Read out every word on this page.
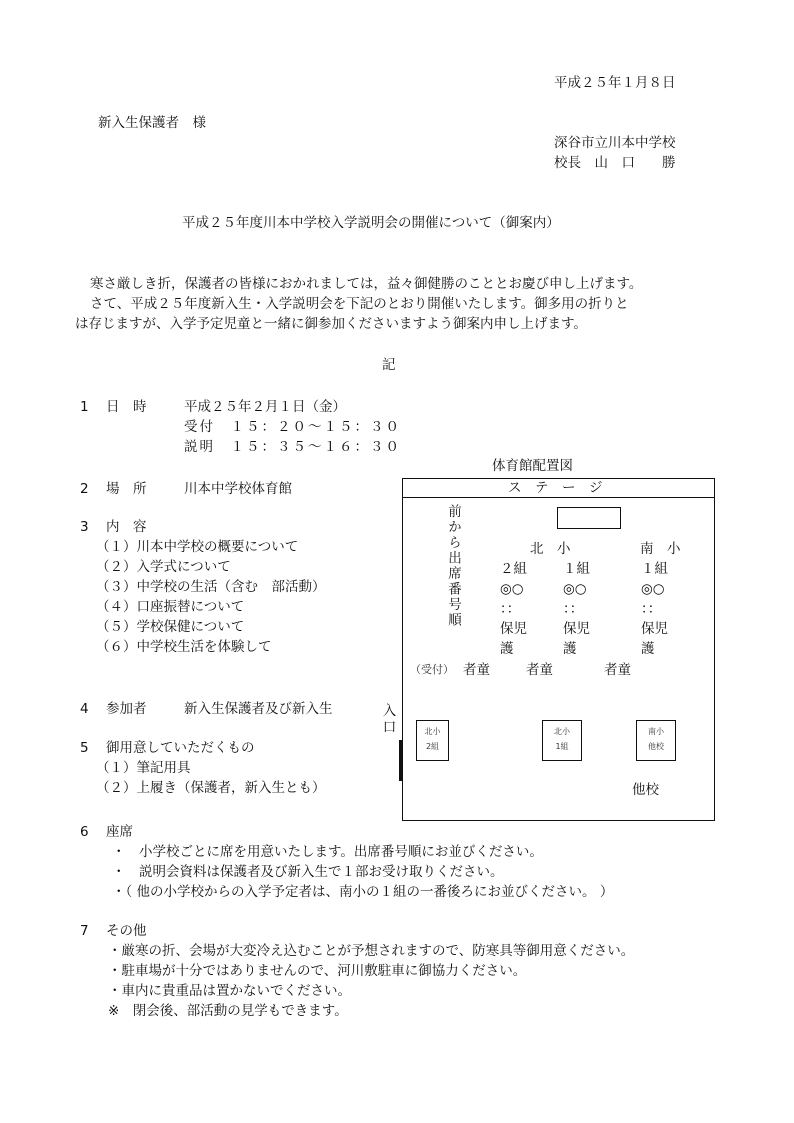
平成２５年１月８日
新入生保護者　様
深谷市立川本中学校
校長　山　口　　勝
平成２５年度川本中学校入学説明会の開催について（御案内）
寒さ厳しき折，保護者の皆様におかれましては，益々御健勝のこととお慶び申し上げます。
さて、平成２５年度新入生・入学説明会を下記のとおり開催いたします。御多用の折りと
は存じますが、入学予定児童と一緒に御参加くださいますよう御案内申し上げます。
記
1 日　時	平成２５年２月１日（金）
受付　１５：２０～１５：３０
説明　１５：３５～１６：３０
2 場　所	川本中学校体育館
3 内　容
（１）川本中学校の概要について
（２）入学式について
（３）中学校の生活（含む　部活動）
（４）口座振替について
（５）学校保健について
（６）中学校生活を体験して
4 参加者	新入生保護者及び新入生
5 御用意していただくもの
（１）筆記用具
（２）上履き（保護者，新入生とも）
6 座席
・　小学校ごとに席を用意いたします。出席番号順にお並びください。
・　説明会資料は保護者及び新入生で１部お受け取りください。
・（ 他の小学校からの入学予定者は、南小の１組の一番後ろにお並びください。 ）
7 その他
・厳寒の折、会場が大変冷え込むことが予想されますので、防寒具等御用意ください。
・駐車場が十分ではありませんので、河川敷駐車に御協力ください。
・車内に貴重品は置かないでください。
※　閉会後、部活動の見学もできます。
体育館配置図
ス　テ　ー　ジ
前から出席番号順	北　小	南　小
２組	１組	１組
◎○	◎○	◎○
：：	：：	：：
保児	保児	保児
護	護	護
（受付） 者童	者童	者童
入口	北小
2組
北小
1組
南小
他校
他校
